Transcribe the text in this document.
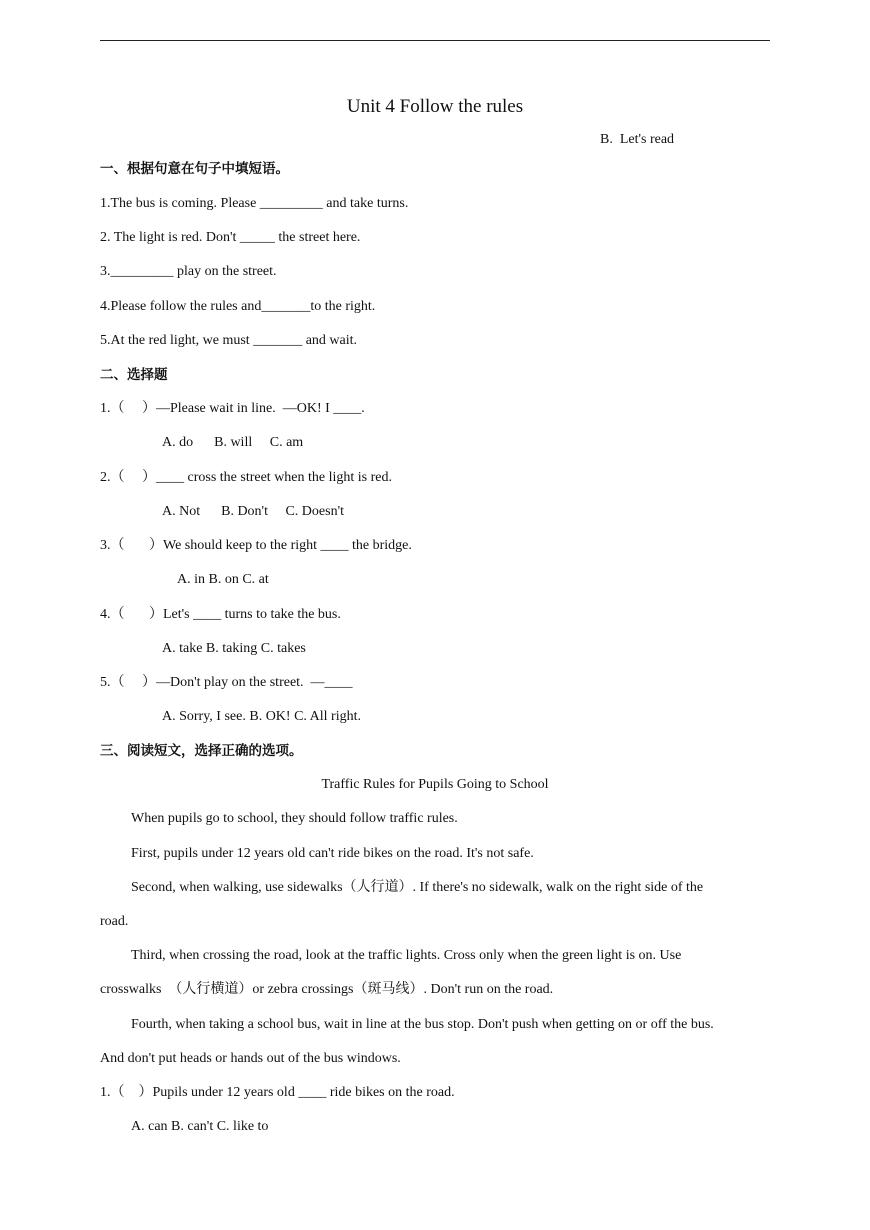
Unit 4 Follow the rules
B.  Let's read
一、根据句意在句子中填短语。
1.The bus is coming. Please _________ and take turns.
2. The light is red. Don't _____ the street here.
3._________ play on the street.
4.Please follow the rules and_______to the right.
5.At the red light, we must _______ and wait.
二、选择题
1.（     ）—Please wait in line.  —OK! I ____.
A. do      B. will     C. am
2.（     ）____ cross the street when the light is red.
A. Not      B. Don't     C. Doesn't
3.（       ）We should keep to the right ____ the bridge.
A. in B. on C. at
4.（       ）Let's ____ turns to take the bus.
A. take B. taking C. takes
5.（     ）—Don't play on the street.  —____
A. Sorry, I see. B. OK! C. All right.
三、阅读短文，选择正确的选项。
Traffic Rules for Pupils Going to School
When pupils go to school, they should follow traffic rules.
First, pupils under 12 years old can't ride bikes on the road. It's not safe.
Second, when walking, use sidewalks（人行道）. If there's no sidewalk, walk on the right side of the
road.
Third, when crossing the road, look at the traffic lights. Cross only when the green light is on. Use
crosswalks  （人行横道）or zebra crossings（斑马线）. Don't run on the road.
Fourth, when taking a school bus, wait in line at the bus stop. Don't push when getting on or off the bus.
And don't put heads or hands out of the bus windows.
1.（    ）Pupils under 12 years old ____ ride bikes on the road.
A. can B. can't C. like to
